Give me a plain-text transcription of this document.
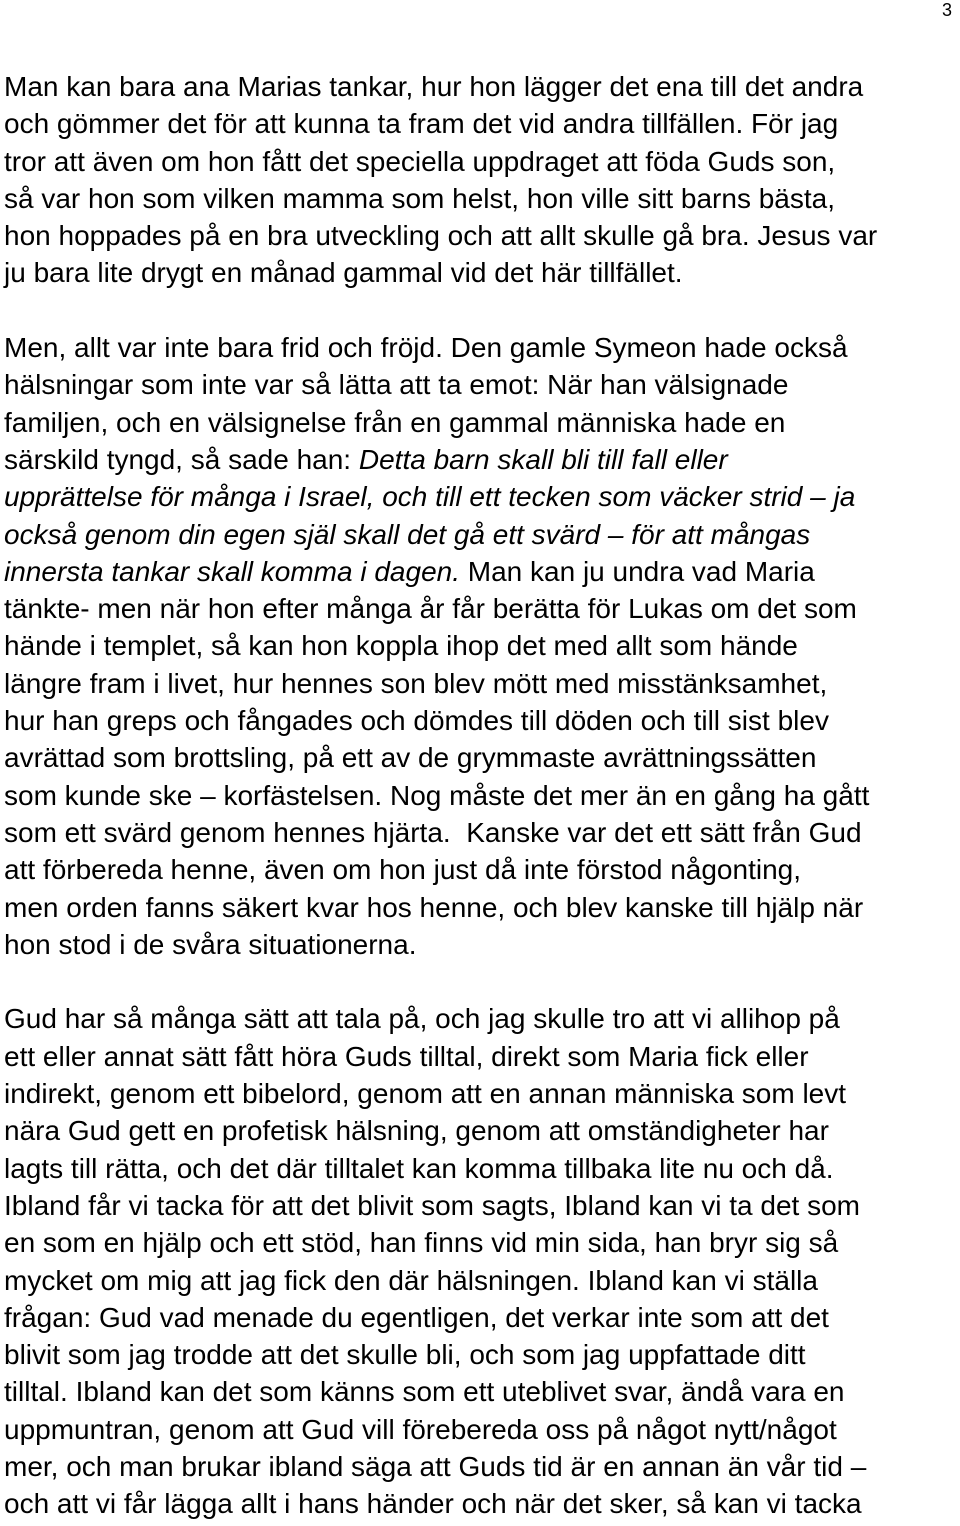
3
Man kan bara ana Marias tankar, hur hon lägger det ena till det andra
och gömmer det för att kunna ta fram det vid andra tillfällen. För jag
tror att även om hon fått det speciella uppdraget att föda Guds son,
så var hon som vilken mamma som helst, hon ville sitt barns bästa,
hon hoppades på en bra utveckling och att allt skulle gå bra. Jesus var
ju bara lite drygt en månad gammal vid det här tillfället.
Men, allt var inte bara frid och fröjd. Den gamle Symeon hade också
hälsningar som inte var så lätta att ta emot: När han välsignade
familjen, och en välsignelse från en gammal människa hade en
särskild tyngd, så sade han: Detta barn skall bli till fall eller
upprättelse för många i Israel, och till ett tecken som väcker strid – ja
också genom din egen själ skall det gå ett svärd – för att mångas
innersta tankar skall komma i dagen. Man kan ju undra vad Maria
tänkte- men när hon efter många år får berätta för Lukas om det som
hände i templet, så kan hon koppla ihop det med allt som hände
längre fram i livet, hur hennes son blev mött med misstänksamhet,
hur han greps och fångades och dömdes till döden och till sist blev
avrättad som brottsling, på ett av de grymmaste avrättningssätten
som kunde ske – korfästelsen. Nog måste det mer än en gång ha gått
som ett svärd genom hennes hjärta.  Kanske var det ett sätt från Gud
att förbereda henne, även om hon just då inte förstod någonting,
men orden fanns säkert kvar hos henne, och blev kanske till hjälp när
hon stod i de svåra situationerna.
Gud har så många sätt att tala på, och jag skulle tro att vi allihop på
ett eller annat sätt fått höra Guds tilltal, direkt som Maria fick eller
indirekt, genom ett bibelord, genom att en annan människa som levt
nära Gud gett en profetisk hälsning, genom att omständigheter har
lagts till rätta, och det där tilltalet kan komma tillbaka lite nu och då.
Ibland får vi tacka för att det blivit som sagts, Ibland kan vi ta det som
en som en hjälp och ett stöd, han finns vid min sida, han bryr sig så
mycket om mig att jag fick den där hälsningen. Ibland kan vi ställa
frågan: Gud vad menade du egentligen, det verkar inte som att det
blivit som jag trodde att det skulle bli, och som jag uppfattade ditt
tilltal. Ibland kan det som känns som ett uteblivet svar, ändå vara en
uppmuntran, genom att Gud vill förebereda oss på något nytt/något
mer, och man brukar ibland säga att Guds tid är en annan än vår tid –
och att vi får lägga allt i hans händer och när det sker, så kan vi tacka
